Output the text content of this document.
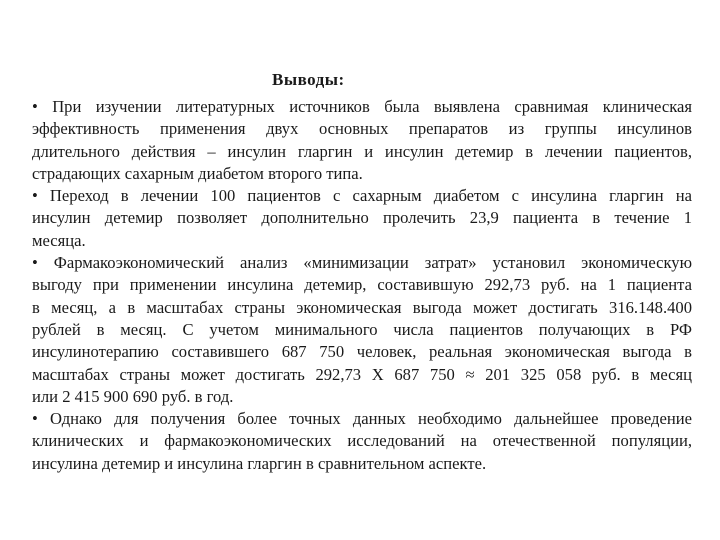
Выводы:
• При изучении литературных источников была выявлена сравнимая клиническая
эффективность применения двух основных препаратов из группы инсулинов
длительного действия – инсулин гларгин и инсулин детемир в лечении пациентов,
страдающих сахарным диабетом второго типа.
• Переход в лечении 100 пациентов с сахарным диабетом с инсулина гларгин на
инсулин детемир позволяет дополнительно пролечить 23,9 пациента в течение 1
месяца.
• Фармакоэкономический анализ «минимизации затрат» установил экономическую
выгоду при применении инсулина детемир, составившую 292,73 руб. на 1 пациента
в месяц, а в масштабах страны экономическая выгода может достигать 316.148.400
рублей в месяц. С учетом минимального числа пациентов получающих в РФ
инсулинотерапию составившего 687 750 человек, реальная экономическая выгода в
масштабах страны может достигать 292,73 Х 687 750 ≈ 201 325 058 руб. в месяц
или 2 415 900 690 руб. в год.
• Однако для получения более точных данных необходимо дальнейшее проведение
клинических и фармакоэкономических исследований на отечественной популяции,
инсулина детемир и инсулина гларгин в сравнительном аспекте.
